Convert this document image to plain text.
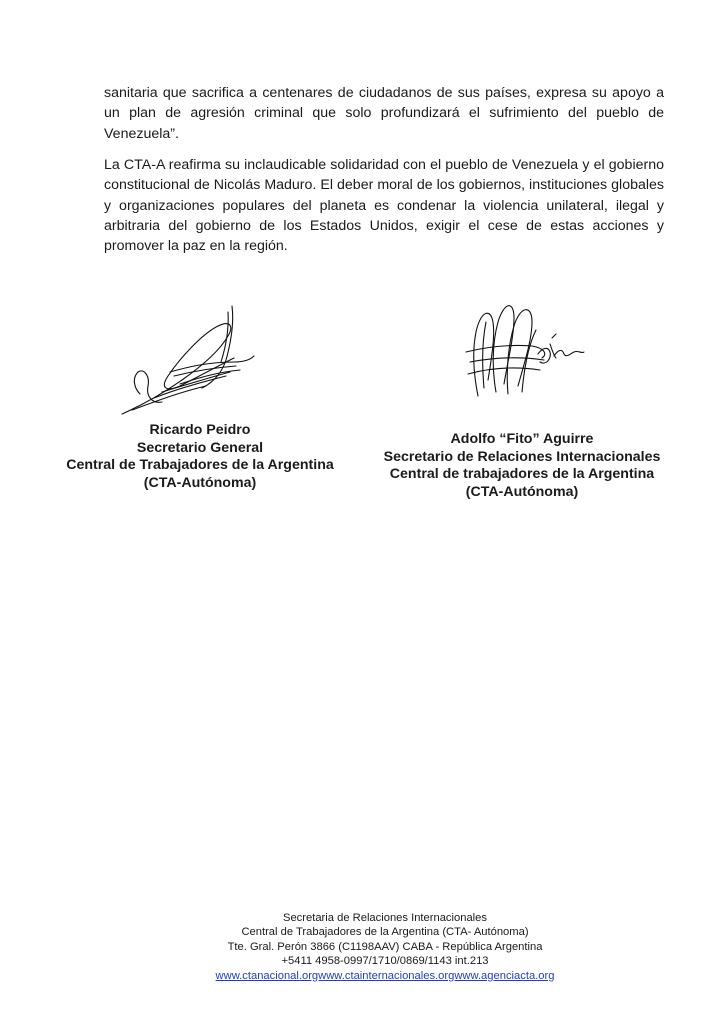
sanitaria que sacrifica a centenares de ciudadanos de sus países, expresa su apoyo a un plan de agresión criminal que solo profundizará el sufrimiento del pueblo de Venezuela”.

La CTA-A reafirma su inclaudicable solidaridad con el pueblo de Venezuela y el gobierno constitucional de Nicolás Maduro. El deber moral de los gobiernos, instituciones globales y organizaciones populares del planeta es condenar la violencia unilateral, ilegal y arbitraria del gobierno de los Estados Unidos, exigir el cese de estas acciones y promover la paz en la región.

Ricardo Peidro
Secretario General
Central de Trabajadores de la Argentina
(CTA-Autónoma)
Adolfo “Fito” Aguirre
Secretario de Relaciones Internacionales
Central de trabajadores de la Argentina
(CTA-Autónoma)
Secretaria de Relaciones Internacionales
Central de Trabajadores de la Argentina (CTA- Autónoma)
Tte. Gral. Perón 3866 (C1198AAV) CABA - República Argentina
+5411 4958-0997/1710/0869/1143 int.213
www.ctanacional.orgwww.ctainternacionales.orgwww.agenciacta.org
